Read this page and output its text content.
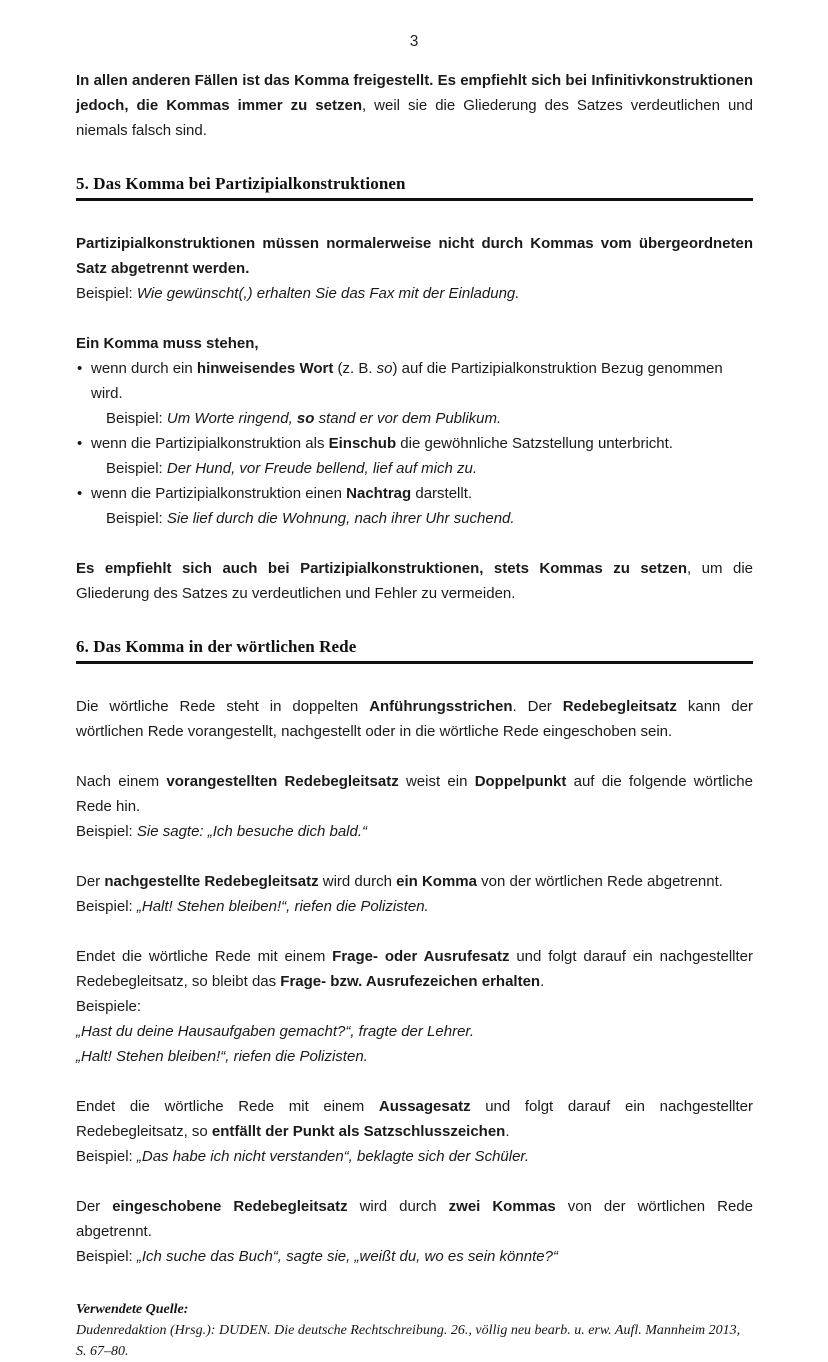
3

In allen anderen Fällen ist das Komma freigestellt. Es empfiehlt sich bei Infinitivkonstruktionen jedoch, die Kommas immer zu setzen, weil sie die Gliederung des Satzes verdeutlichen und niemals falsch sind.

5. Das Komma bei Partizipialkonstruktionen

Partizipialkonstruktionen müssen normalerweise nicht durch Kommas vom übergeordneten Satz abgetrennt werden.

Beispiel: Wie gewünscht(,) erhalten Sie das Fax mit der Einladung.

Ein Komma muss stehen,

• wenn durch ein hinweisendes Wort (z. B. so) auf die Partizipialkonstruktion Bezug genommen wird.
Beispiel: Um Worte ringend, so stand er vor dem Publikum.
• wenn die Partizipialkonstruktion als Einschub die gewöhnliche Satzstellung unterbricht.
Beispiel: Der Hund, vor Freude bellend, lief auf mich zu.
• wenn die Partizipialkonstruktion einen Nachtrag darstellt.
Beispiel: Sie lief durch die Wohnung, nach ihrer Uhr suchend.

Es empfiehlt sich auch bei Partizipialkonstruktionen, stets Kommas zu setzen, um die Gliederung des Satzes zu verdeutlichen und Fehler zu vermeiden.

6. Das Komma in der wörtlichen Rede

Die wörtliche Rede steht in doppelten Anführungsstrichen. Der Redebegleitsatz kann der wörtlichen Rede vorangestellt, nachgestellt oder in die wörtliche Rede eingeschoben sein.

Nach einem vorangestellten Redebegleitsatz weist ein Doppelpunkt auf die folgende wörtliche Rede hin.

Beispiel: Sie sagte: „Ich besuche dich bald.“

Der nachgestellte Redebegleitsatz wird durch ein Komma von der wörtlichen Rede abgetrennt.

Beispiel: „Halt! Stehen bleiben!“, riefen die Polizisten.

Endet die wörtliche Rede mit einem Frage- oder Ausrufesatz und folgt darauf ein nachgestellter Redebegleitsatz, so bleibt das Frage- bzw. Ausrufezeichen erhalten.

Beispiele:

„Hast du deine Hausaufgaben gemacht?“, fragte der Lehrer.

„Halt! Stehen bleiben!“, riefen die Polizisten.

Endet die wörtliche Rede mit einem Aussagesatz und folgt darauf ein nachgestellter Redebegleitsatz, so entfällt der Punkt als Satzschlusszeichen.

Beispiel: „Das habe ich nicht verstanden“, beklagte sich der Schüler.

Der eingeschobene Redebegleitsatz wird durch zwei Kommas von der wörtlichen Rede abgetrennt.

Beispiel: „Ich suche das Buch“, sagte sie, „weißt du, wo es sein könnte?“

Verwendete Quelle:
Dudenredaktion (Hrsg.): DUDEN. Die deutsche Rechtschreibung. 26., völlig neu bearb. u. erw. Aufl. Mannheim 2013, S. 67–80.
